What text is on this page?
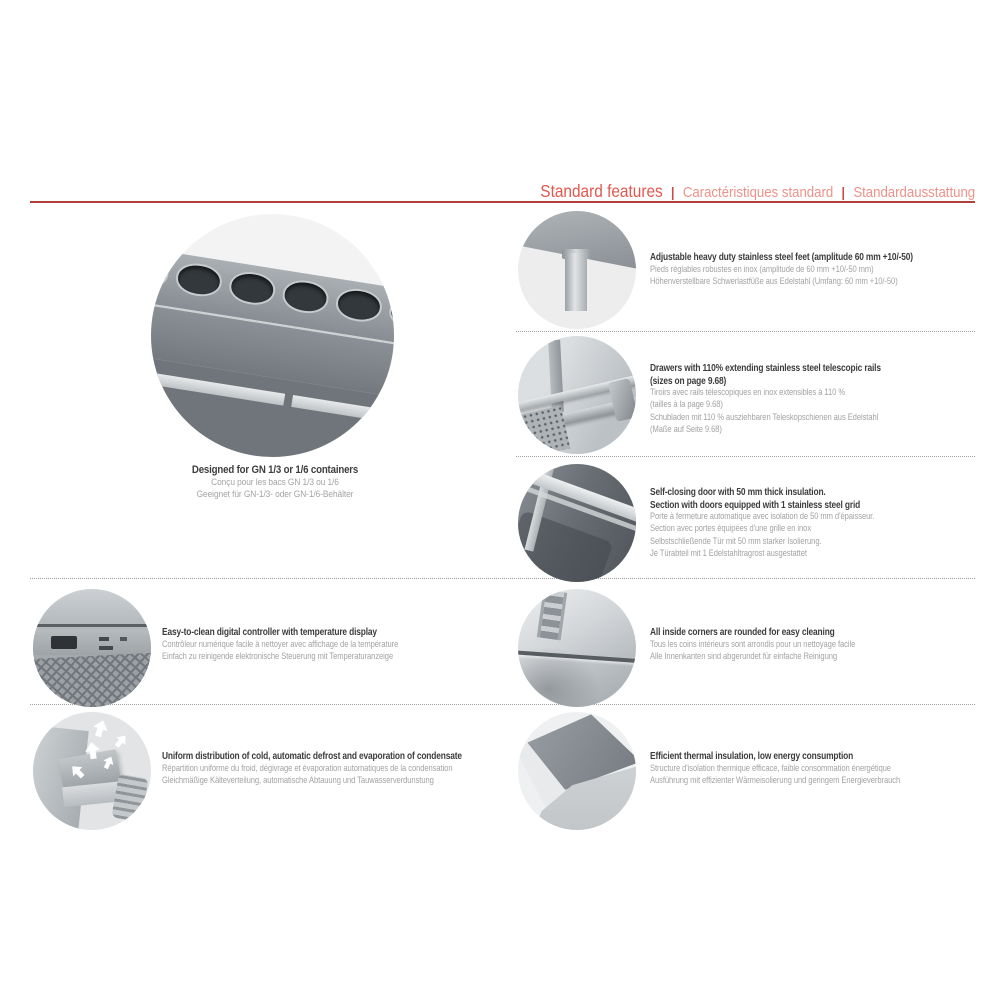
Standard features | Caractéristiques standard | Standardausstattung
Designed for GN 1/3 or 1/6 containers
Conçu pour les bacs GN 1/3 ou 1/6
Geeignet für GN-1/3- oder GN-1/6-Behälter
Adjustable heavy duty stainless steel feet (amplitude 60 mm +10/-50)
Pieds réglables robustes en inox (amplitude de 60 mm +10/-50 mm)
Höhenverstellbare Schwerlastfüße aus Edelstahl (Umfang: 60 mm +10/-50)
Drawers with 110% extending stainless steel telescopic rails
(sizes on page 9.68)
Tiroirs avec rails télescopiques en inox extensibles à 110 %
(tailles à la page 9.68)
Schubladen mit 110 % ausziehbaren Teleskopschienen aus Edelstahl
(Maße auf Seite 9.68)
Self-closing door with 50 mm thick insulation.
Section with doors equipped with 1 stainless steel grid
Porte à fermeture automatique avec isolation de 50 mm d'épaisseur.
Section avec portes équipées d'une grille en inox
Selbstschließende Tür mit 50 mm starker Isolierung.
Je Türabteil mit 1 Edelstahltragrost ausgestattet
All inside corners are rounded for easy cleaning
Tous les coins intérieurs sont arrondis pour un nettoyage facile
Alle Innenkanten sind abgerundet für einfache Reinigung
Efficient thermal insulation, low energy consumption
Structure d'isolation thermique efficace, faible consommation énergétique
Ausführung mit effizienter Wärmeisolierung und geringem Energieverbrauch
Easy-to-clean digital controller with temperature display
Contrôleur numérique facile à nettoyer avec affichage de la température
Einfach zu reinigende elektronische Steuerung mit Temperaturanzeige
Uniform distribution of cold, automatic defrost and evaporation of condensate
Répartition uniforme du froid, dégivrage et évaporation automatiques de la condensation
Gleichmäßige Kälteverteilung, automatische Abtauung und Tauwasserverdunstung
